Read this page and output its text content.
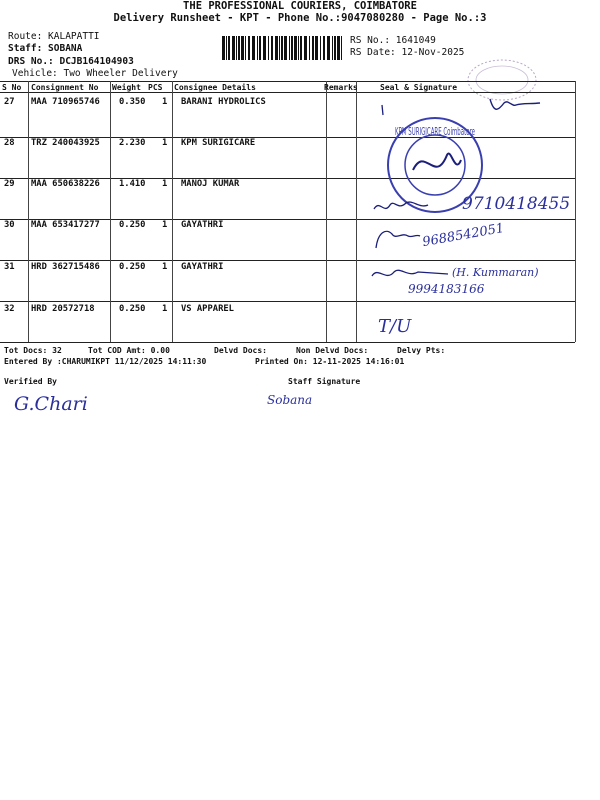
THE PROFESSIONAL COURIERS, COIMBATORE
Delivery Runsheet - KPT - Phone No.:9047080280 - Page No.:3
Route: KALAPATTI
Staff: SOBANA
DRS No.: DCJB164104903
Vehicle: Two Wheeler Delivery
RS No.: 1641049
RS Date: 12-Nov-2025
S No Consignment No Weight PCS Consignee Details	Remarks	Seal & Signature
27 MAA 710965746 0.350 1 BARANI HYDROLICS
28 TRZ 240043925 2.230 1 KPM SURIGICARE
29 MAA 650638226 1.410 1 MANOJ KUMAR
30 MAA 653417277 0.250 1 GAYATHRI
31 HRD 362715486 0.250 1 GAYATHRI
32 HRD 20572718	0.250 1 VS APPAREL
KPM SURIGICARE Coimbatore
9710418455
9688542051
(H. Kummaran)
9994183166
T/U
Tot Docs: 32	Tot COD Amt: 0.00	Delvd Docs:	Non Delvd Docs:	Delvy Pts:
Entered By :CHARUMIKPT 11/12/2025 14:11:30	Printed On: 12-11-2025 14:16:01
Verified By	Staff Signature
G.Chari	Sobana
